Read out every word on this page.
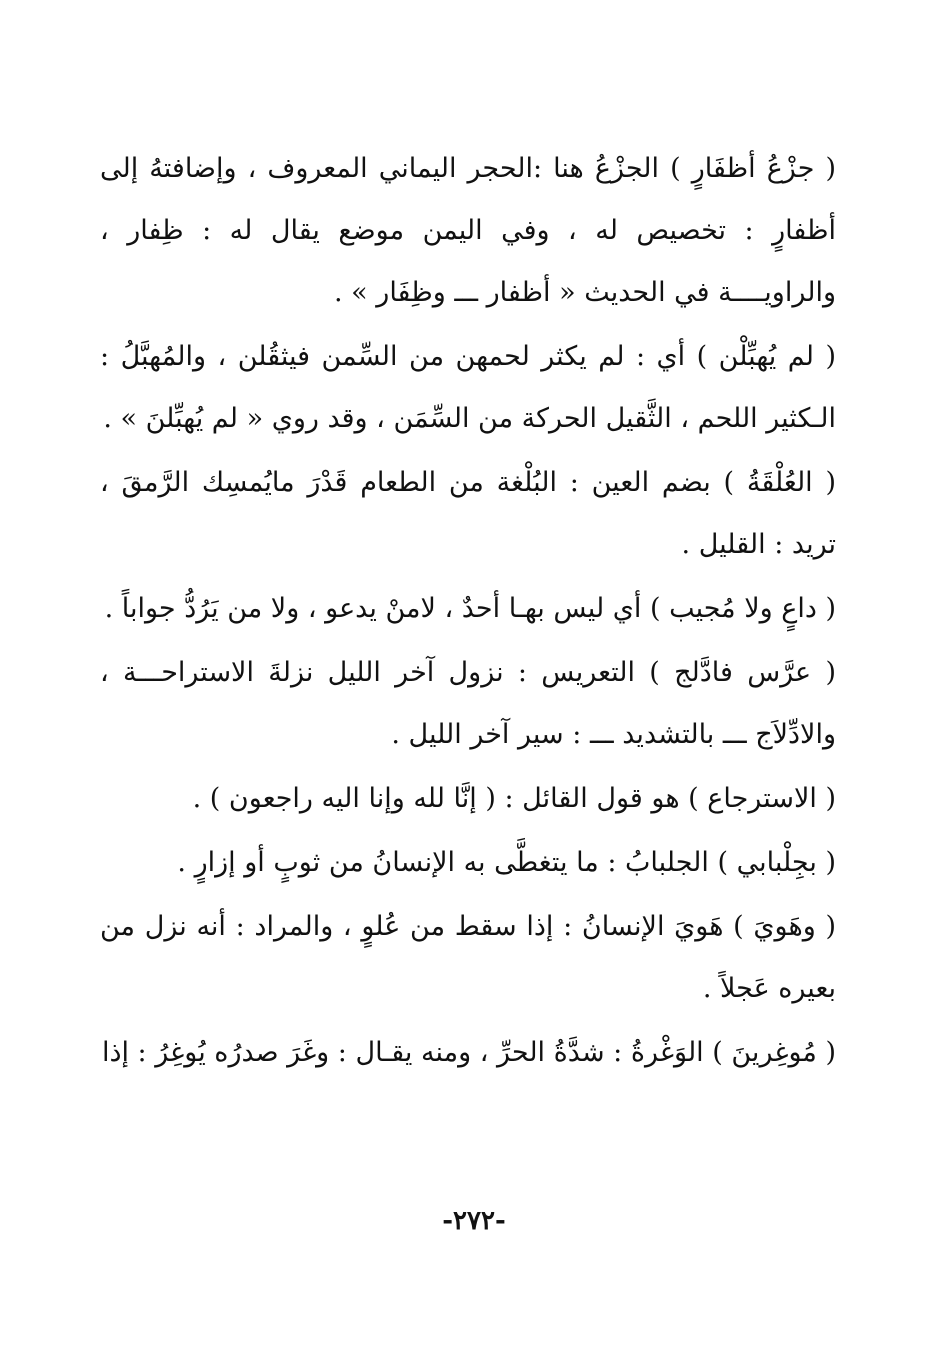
( جزْعُ أظفَارٍ ) الجزْعُ هنا :الحجر اليماني المعروف ، وإضافتهُ إلى أظفارٍ : تخصيص له ، وفي اليمن موضع يقال له : ظِفار ، والراويــــة في الحديث « أظفار ـــ وظِفَار » .

( لم يُهبِّلْن ) أي : لم يكثر لحمهن من السِّمن فيثقُلن ، والمُهبَّلُ : الـكثير اللحم ، الثَّقيل الحركة من السِّمَن ، وقد روي « لم يُهبِّلنَ » .

( العُلْقَةُ ) بضم العين : البُلْغة من الطعام قَدْرَ مايُمسِك الرَّمقَ ، تريد : القليل .

( داعٍ ولا مُجيب ) أي ليس بهـا أحدٌ ، لامنْ يدعو ، ولا من يَرُدُّ جواباً .

( عرَّس فادَّلج ) التعريس : نزول آخر الليل نزلةَ الاستراحـــة ، والادِّلاَج ـــ بالتشديد ـــ : سير آخر الليل .

( الاسترجاع ) هو قول القائل : ( إنَّا لله وإنا اليه راجعون ) .

( بجِلْبابي ) الجلبابُ : ما يتغطَّى به الإنسانُ من ثوبٍ أو إزارٍ .

( وهَويَ ) هَويَ الإنسانُ : إذا سقط من عُلوٍ ، والمراد : أنه نزل من بعيره عَجلاً .

( مُوغِرينَ ) الوَغْرةُ : شدَّةُ الحرِّ ، ومنه يقـال : وغَرَ صدرُه يُوغِرُ : إذا

-٢٧٢-
